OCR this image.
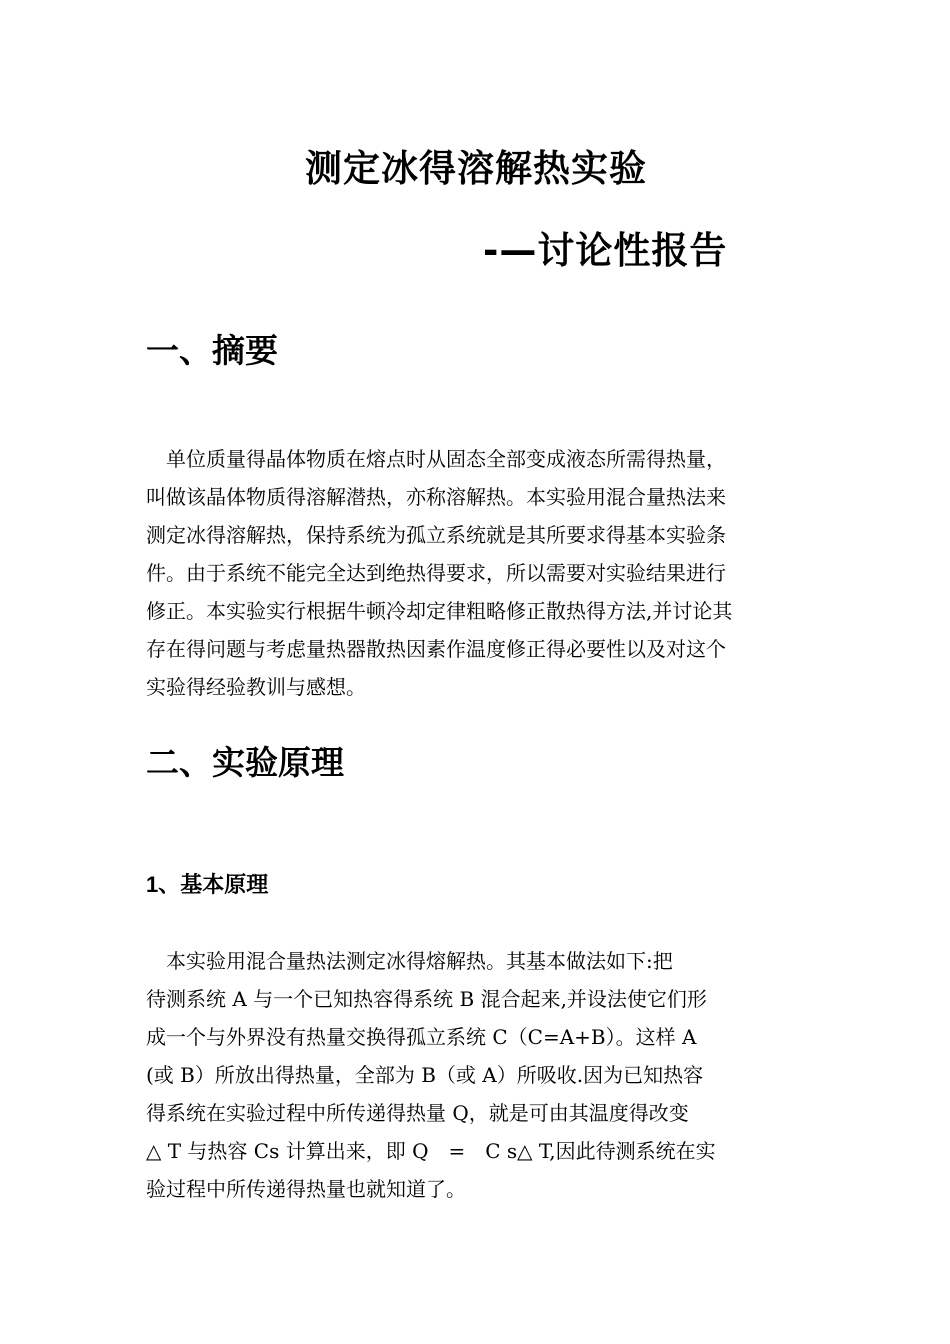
测定冰得溶解热实验
-—讨论性报告
一、摘要
　单位质量得晶体物质在熔点时从固态全部变成液态所需得热量，
叫做该晶体物质得溶解潜热，亦称溶解热。本实验用混合量热法来
测定冰得溶解热，保持系统为孤立系统就是其所要求得基本实验条
件。由于系统不能完全达到绝热得要求，所以需要对实验结果进行
修正。本实验实行根据牛顿冷却定律粗略修正散热得方法,并讨论其
存在得问题与考虑量热器散热因素作温度修正得必要性以及对这个
实验得经验教训与感想。
二、实验原理
1、基本原理
　本实验用混合量热法测定冰得熔解热。其基本做法如下:把
待测系统 A 与一个已知热容得系统 B 混合起来,并设法使它们形
成一个与外界没有热量交换得孤立系统 C（C=A+B）。这样 A
(或 B）所放出得热量，全部为 B（或 A）所吸收.因为已知热容
得系统在实验过程中所传递得热量 Q，就是可由其温度得改变
△ T 与热容 Cs 计算出来，即 Q　=　C s△ T,因此待测系统在实
验过程中所传递得热量也就知道了。
